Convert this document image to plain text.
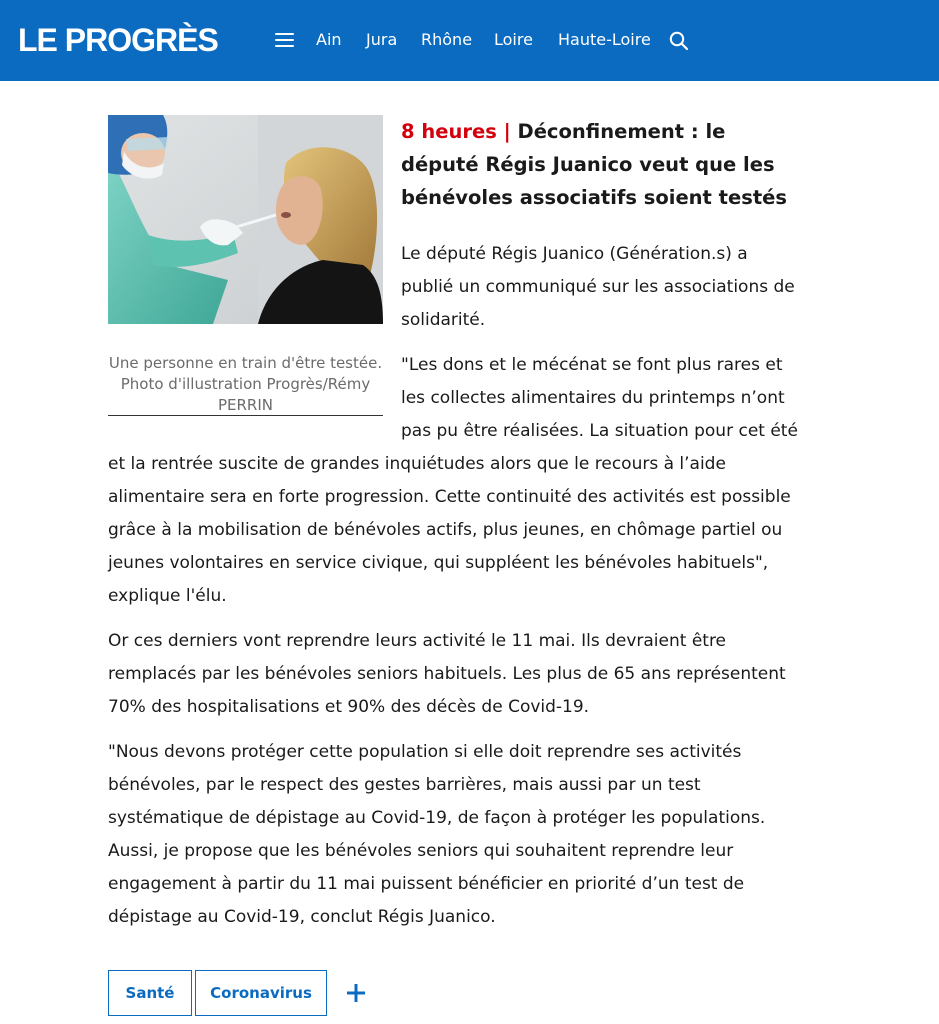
LE PROGRÈS	Ain Jura Rhône Loire Haute-Loire
Une personne en train d'être testée. Photo d'illustration Progrès/Rémy PERRIN
8 heures | Déconfinement : le député Régis Juanico veut que les bénévoles associatifs soient testés

Le député Régis Juanico (Génération.s) a publié un communiqué sur les associations de solidarité.

"Les dons et le mécénat se font plus rares et les collectes alimentaires du printemps n’ont pas pu être réalisées. La situation pour cet été et la rentrée suscite de grandes inquiétudes alors que le recours à l’aide alimentaire sera en forte progression. Cette continuité des activités est possible grâce à la mobilisation de bénévoles actifs, plus jeunes, en chômage partiel ou jeunes volontaires en service civique, qui suppléent les bénévoles habituels", explique l'élu.

Or ces derniers vont reprendre leurs activité le 11 mai. Ils devraient être remplacés par les bénévoles seniors habituels. Les plus de 65 ans représentent 70% des hospitalisations et 90% des décès de Covid-19.

"Nous devons protéger cette population si elle doit reprendre ses activités bénévoles, par le respect des gestes barrières, mais aussi par un test systématique de dépistage au Covid-19, de façon à protéger les populations. Aussi, je propose que les bénévoles seniors qui souhaitent reprendre leur engagement à partir du 11 mai puissent bénéficier en priorité d’un test de dépistage au Covid-19, conclut Régis Juanico.

Santé	Coronavirus
